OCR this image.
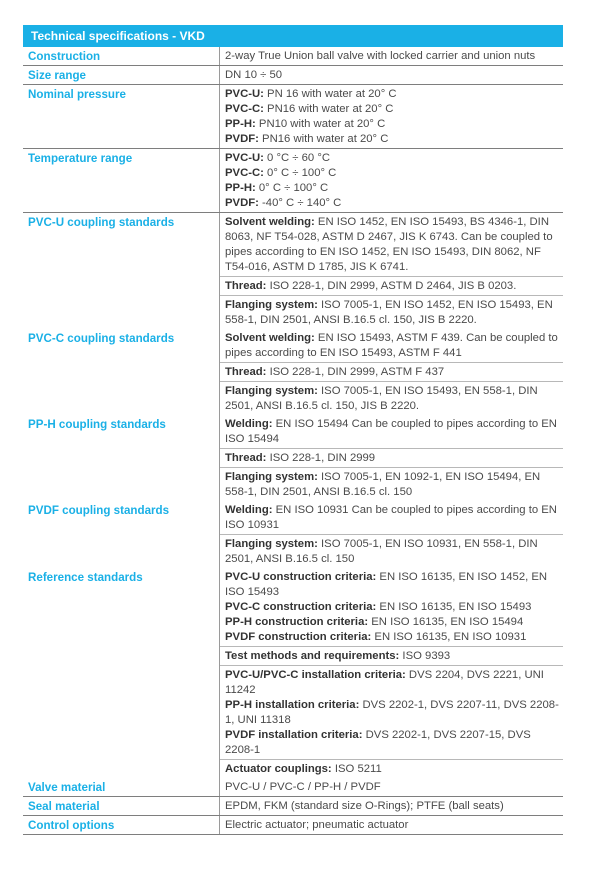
Technical specifications - VKD
Construction	2-way True Union ball valve with locked carrier and union nuts

Size range	DN 10 ÷ 50

Nominal pressure	PVC-U: PN 16 with water at 20° C
PVC-C: PN16 with water at 20° C
PP-H: PN10 with water at 20° C
PVDF: PN16 with water at 20° C

Temperature range	PVC-U: 0 °C ÷ 60 °C
PVC-C: 0° C ÷ 100° C
PP-H: 0° C ÷ 100° C
PVDF: -40° C ÷ 140° C

PVC-U coupling standards	Solvent welding: EN ISO 1452, EN ISO 15493, BS 4346-1, DIN 8063, NF T54-028, ASTM D 2467, JIS K 6743. Can be coupled to pipes according to EN ISO 1452, EN ISO 15493, DIN 8062, NF T54-016, ASTM D 1785, JIS K 6741.

	Thread: ISO 228-1, DIN 2999, ASTM D 2464, JIS B 0203.

	Flanging system: ISO 7005-1, EN ISO 1452, EN ISO 15493, EN 558-1, DIN 2501, ANSI B.16.5 cl. 150, JIS B 2220.

PVC-C coupling standards	Solvent welding: EN ISO 15493, ASTM F 439. Can be coupled to pipes according to EN ISO 15493, ASTM F 441

	Thread: ISO 228-1, DIN 2999, ASTM F 437

	Flanging system: ISO 7005-1, EN ISO 15493, EN 558-1, DIN 2501, ANSI B.16.5 cl. 150, JIS B 2220.

PP-H coupling standards	Welding: EN ISO 15494 Can be coupled to pipes according to EN ISO 15494

	Thread: ISO 228-1, DIN 2999

	Flanging system: ISO 7005-1, EN 1092-1, EN ISO 15494, EN 558-1, DIN 2501, ANSI B.16.5 cl. 150

PVDF coupling standards	Welding: EN ISO 10931 Can be coupled to pipes according to EN ISO 10931

	Flanging system: ISO 7005-1, EN ISO 10931, EN 558-1, DIN 2501, ANSI B.16.5 cl. 150

Reference standards	PVC-U construction criteria: EN ISO 16135, EN ISO 1452, EN ISO 15493
PVC-C construction criteria: EN ISO 16135, EN ISO 15493
PP-H construction criteria: EN ISO 16135, EN ISO 15494
PVDF construction criteria: EN ISO 16135, EN ISO 10931

	Test methods and requirements: ISO 9393

	PVC-U/PVC-C installation criteria: DVS 2204, DVS 2221, UNI 11242
PP-H installation criteria: DVS 2202-1, DVS 2207-11, DVS 2208-1, UNI 11318
PVDF installation criteria: DVS 2202-1, DVS 2207-15, DVS 2208-1

	Actuator couplings: ISO 5211

Valve material	PVC-U / PVC-C / PP-H / PVDF

Seal material	EPDM, FKM (standard size O-Rings); PTFE (ball seats)

Control options	Electric actuator; pneumatic actuator
